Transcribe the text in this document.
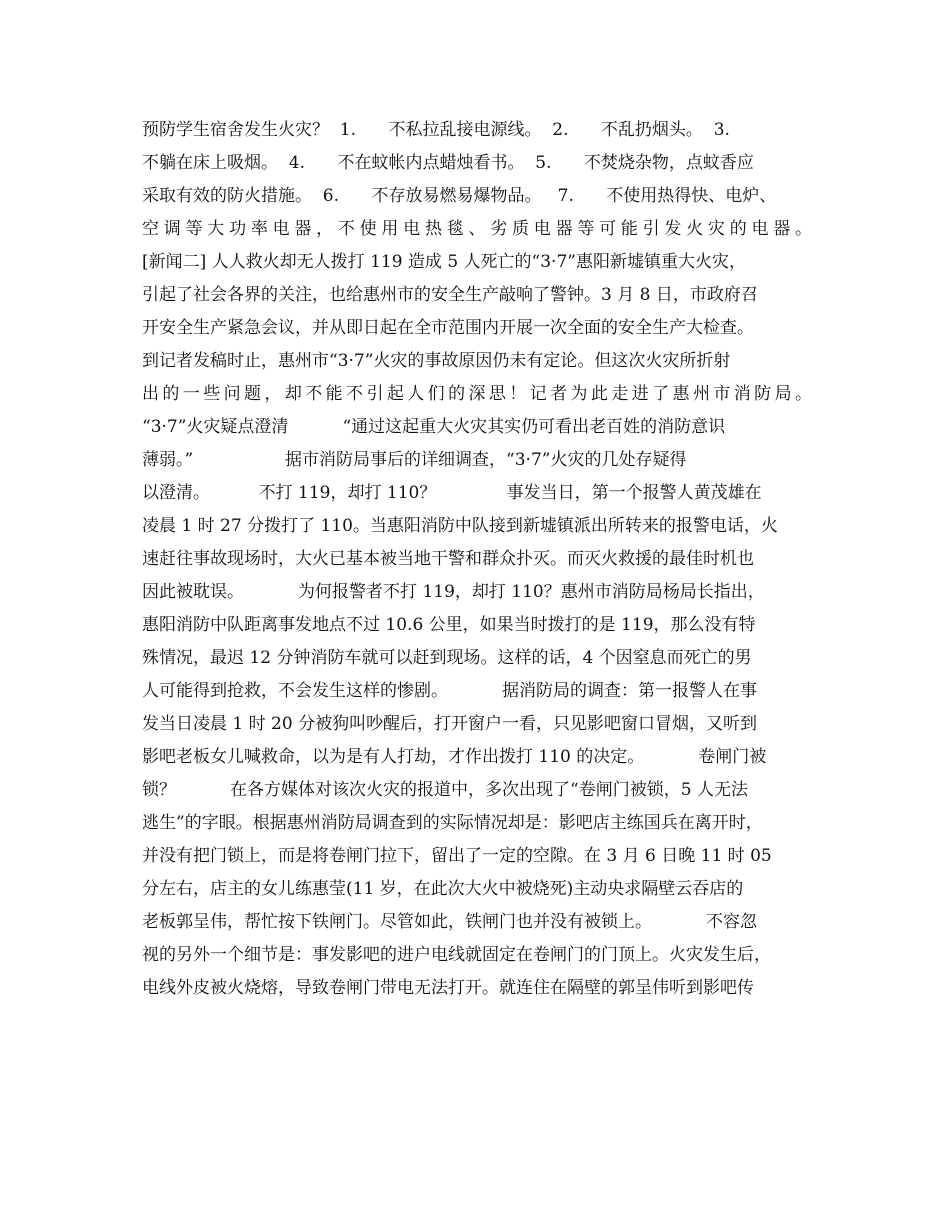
预防学生宿舍发生火灾？  1.      不私拉乱接电源线。  2.      不乱扔烟头。  3.
不躺在床上吸烟。  4.      不在蚊帐内点蜡烛看书。  5.      不焚烧杂物，点蚊香应
采取有效的防火措施。  6.      不存放易燃易爆物品。   7.      不使用热得快、电炉、
空调等大功率电器，不使用电热毯、劣质电器等可能引发火灾的电器。
[新闻二] 人人救火却无人拨打 119 造成 5 人死亡的“3·7”惠阳新墟镇重大火灾，
引起了社会各界的关注，也给惠州市的安全生产敲响了警钟。3 月 8 日，市政府召
开安全生产紧急会议，并从即日起在全市范围内开展一次全面的安全生产大检查。
到记者发稿时止，惠州市“3·7”火灾的事故原因仍未有定论。但这次火灾所折射
出的一些问题，却不能不引起人们的深思！记者为此走进了惠州市消防局。
“3·7”火灾疑点澄清          “通过这起重大火灾其实仍可看出老百姓的消防意识
薄弱。”                 据市消防局事后的详细调查，“3·7”火灾的几处存疑得
以澄清。         不打 119，却打 110？             事发当日，第一个报警人黄茂雄在
凌晨 1 时 27 分拨打了 110。当惠阳消防中队接到新墟镇派出所转来的报警电话，火
速赶往事故现场时，大火已基本被当地干警和群众扑灭。而灭火救援的最佳时机也
因此被耽误。          为何报警者不打 119，却打 110？惠州市消防局杨局长指出，
惠阳消防中队距离事发地点不过 10.6 公里，如果当时拨打的是 119，那么没有特
殊情况，最迟 12 分钟消防车就可以赶到现场。这样的话，4 个因窒息而死亡的男
人可能得到抢救，不会发生这样的惨剧。          据消防局的调查：第一报警人在事
发当日凌晨 1 时 20 分被狗叫吵醒后，打开窗户一看，只见影吧窗口冒烟，又听到
影吧老板女儿喊救命，以为是有人打劫，才作出拨打 110 的决定。          卷闸门被
锁？          在各方媒体对该次火灾的报道中，多次出现了“卷闸门被锁，5 人无法
逃生”的字眼。根据惠州消防局调查到的实际情况却是：影吧店主练国兵在离开时，
并没有把门锁上，而是将卷闸门拉下，留出了一定的空隙。在 3 月 6 日晚 11 时 05
分左右，店主的女儿练惠莹(11 岁，在此次大火中被烧死)主动央求隔壁云吞店的
老板郭呈伟，帮忙按下铁闸门。尽管如此，铁闸门也并没有被锁上。          不容忽
视的另外一个细节是：事发影吧的进户电线就固定在卷闸门的门顶上。火灾发生后，
电线外皮被火烧熔，导致卷闸门带电无法打开。就连住在隔壁的郭呈伟听到影吧传
